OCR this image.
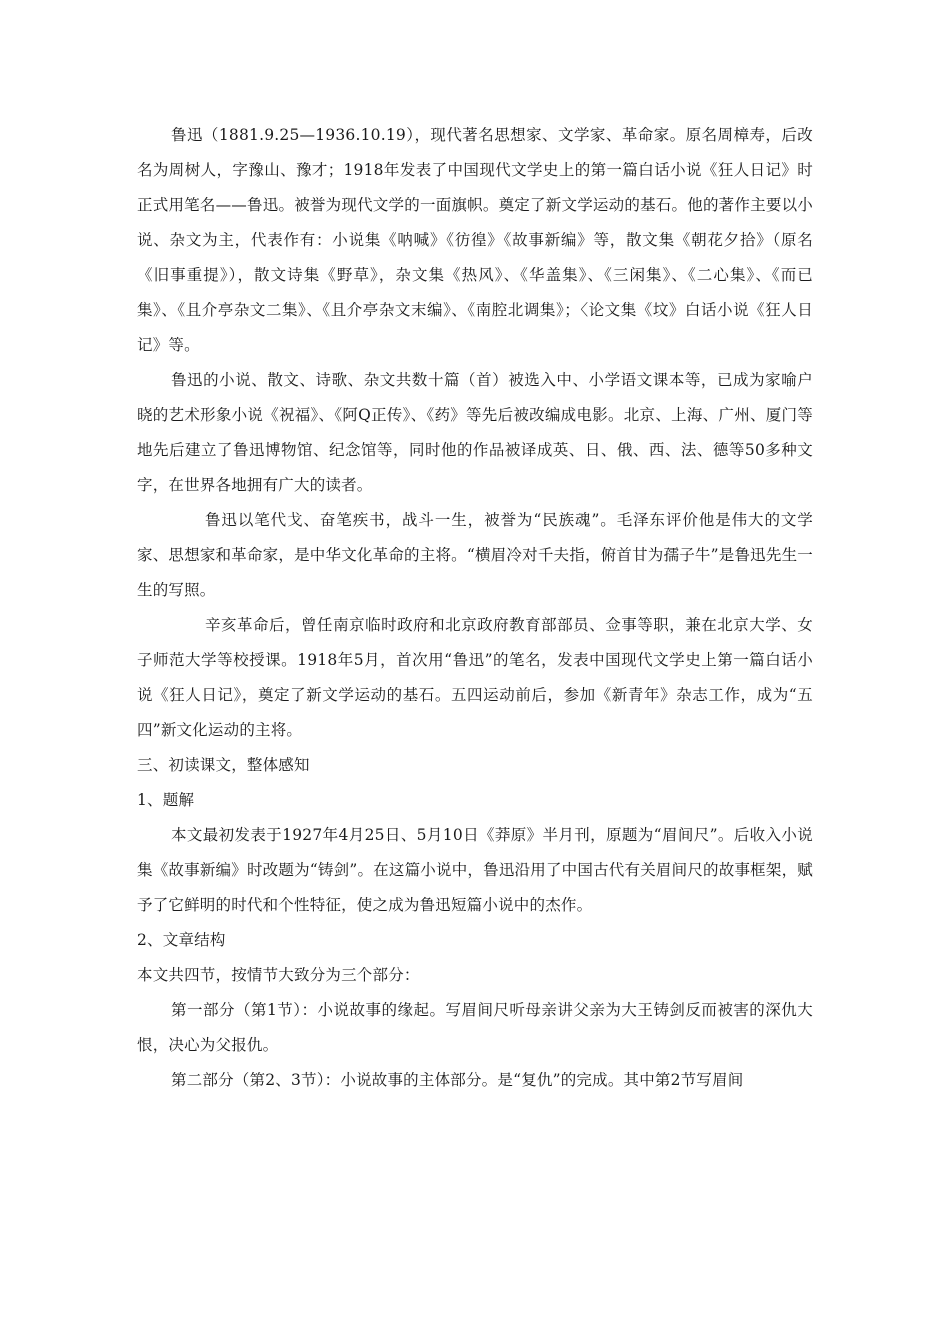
鲁迅（1881.9.25—1936.10.19），现代著名思想家、文学家、革命家。原名周樟寿，后改名为周树人，字豫山、豫才；1918年发表了中国现代文学史上的第一篇白话小说《狂人日记》时正式用笔名——鲁迅。被誉为现代文学的一面旗帜。奠定了新文学运动的基石。他的著作主要以小说、杂文为主，代表作有：小说集《呐喊》《彷徨》《故事新编》等，散文集《朝花夕拾》（原名《旧事重提》），散文诗集《野草》，杂文集《热风》、《华盖集》、《三闲集》、《二心集》、《而已集》、《且介亭杂文二集》、《且介亭杂文末编》、《南腔北调集》；〈论文集《坟》白话小说《狂人日记》等。

鲁迅的小说、散文、诗歌、杂文共数十篇（首）被选入中、小学语文课本等，已成为家喻户晓的艺术形象小说《祝福》、《阿Q正传》、《药》等先后被改编成电影。北京、上海、广州、厦门等地先后建立了鲁迅博物馆、纪念馆等，同时他的作品被译成英、日、俄、西、法、德等50多种文字，在世界各地拥有广大的读者。

鲁迅以笔代戈、奋笔疾书，战斗一生，被誉为“民族魂”。毛泽东评价他是伟大的文学家、思想家和革命家，是中华文化革命的主将。“横眉冷对千夫指，俯首甘为孺子牛”是鲁迅先生一生的写照。

辛亥革命后，曾任南京临时政府和北京政府教育部部员、佥事等职，兼在北京大学、女子师范大学等校授课。1918年5月，首次用“鲁迅”的笔名，发表中国现代文学史上第一篇白话小说《狂人日记》，奠定了新文学运动的基石。五四运动前后，参加《新青年》杂志工作，成为“五四”新文化运动的主将。

三、初读课文，整体感知

1、题解

本文最初发表于1927年4月25日、5月10日《莽原》半月刊，原题为“眉间尺”。后收入小说集《故事新编》时改题为“铸剑”。在这篇小说中，鲁迅沿用了中国古代有关眉间尺的故事框架，赋予了它鲜明的时代和个性特征，使之成为鲁迅短篇小说中的杰作。

2、文章结构

本文共四节，按情节大致分为三个部分：

第一部分（第1节）：小说故事的缘起。写眉间尺听母亲讲父亲为大王铸剑反而被害的深仇大恨，决心为父报仇。

第二部分（第2、3节）：小说故事的主体部分。是“复仇”的完成。其中第2节写眉间
